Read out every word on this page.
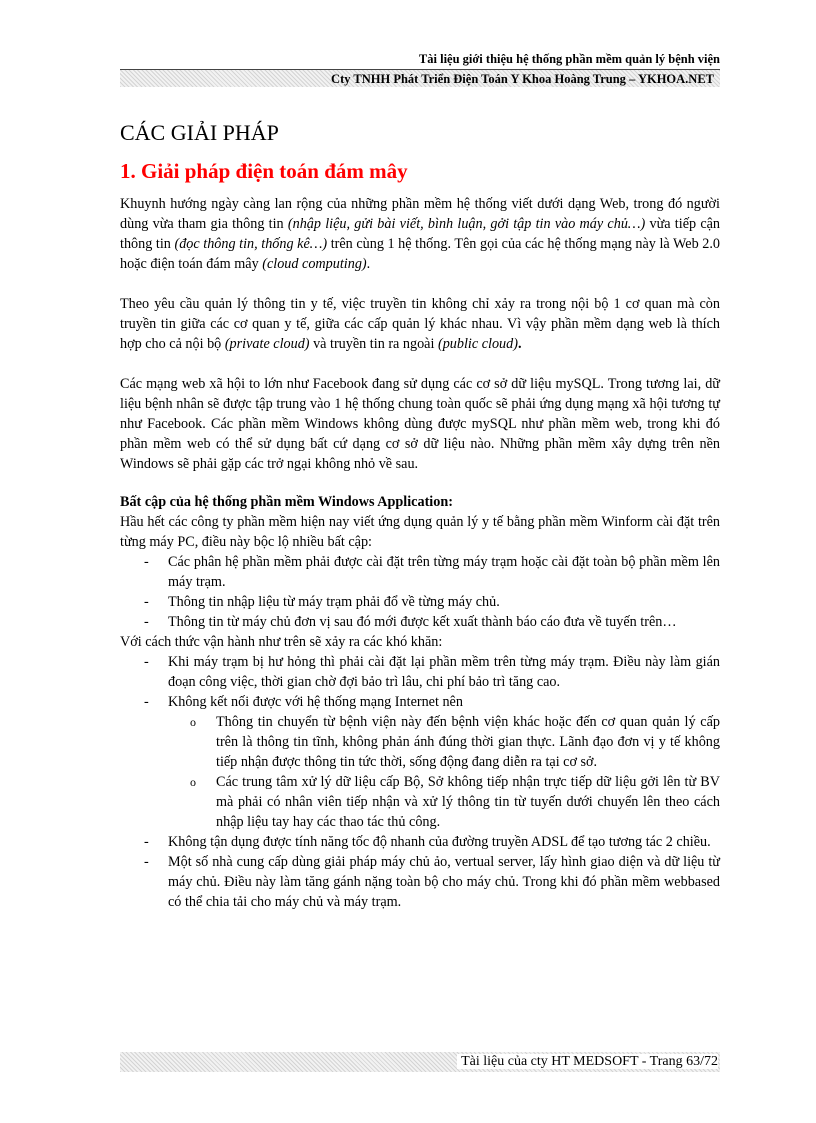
Tài liệu giới thiệu hệ thống phần mềm quản lý bệnh viện
Cty TNHH Phát Triển Điện Toán Y Khoa Hoàng Trung – YKHOA.NET
CÁC GIẢI PHÁP
1. Giải pháp điện toán đám mây

Khuynh hướng ngày càng lan rộng của những phần mềm hệ thống viết dưới dạng Web, trong đó người dùng vừa tham gia thông tin (nhập liệu, gửi bài viết, bình luận, gởi tập tin vào máy chủ…) vừa tiếp cận thông tin (đọc thông tin, thống kê…) trên cùng 1 hệ thống. Tên gọi của các hệ thống mạng này là Web 2.0 hoặc điện toán đám mây (cloud computing).

Theo yêu cầu quản lý thông tin y tế, việc truyền tin không chỉ xảy ra trong nội bộ 1 cơ quan mà còn truyền tin giữa các cơ quan y tế, giữa các cấp quản lý khác nhau. Vì vậy phần mềm dạng web là thích hợp cho cả nội bộ (private cloud) và truyền tin ra ngoài (public cloud).

Các mạng web xã hội to lớn như Facebook đang sử dụng các cơ sở dữ liệu mySQL. Trong tương lai, dữ liệu bệnh nhân sẽ được tập trung vào 1 hệ thống chung toàn quốc sẽ phải ứng dụng mạng xã hội tương tự như Facebook. Các phần mềm Windows không dùng được mySQL như phần mềm web, trong khi đó phần mềm web có thể sử dụng bất cứ dạng cơ sở dữ liệu nào. Những phần mềm xây dựng trên nền Windows sẽ phải gặp các trở ngại không nhỏ về sau.

Bất cập của hệ thống phần mềm Windows Application:

Hầu hết các công ty phần mềm hiện nay viết ứng dụng quản lý y tế bằng phần mềm Winform cài đặt trên từng máy PC, điều này bộc lộ nhiều bất cập:

- Các phân hệ phần mềm phải được cài đặt trên từng máy trạm hoặc cài đặt toàn bộ phần mềm lên máy trạm.
- Thông tin nhập liệu từ máy trạm phải đổ về từng máy chủ.
- Thông tin từ máy chủ đơn vị sau đó mới được kết xuất thành báo cáo đưa về tuyến trên…

Với cách thức vận hành như trên sẽ xảy ra các khó khăn:

- Khi máy trạm bị hư hỏng thì phải cài đặt lại phần mềm trên từng máy trạm. Điều này làm gián đoạn công việc, thời gian chờ đợi bảo trì lâu, chi phí bảo trì tăng cao.
- Không kết nối được với hệ thống mạng Internet nên
o Thông tin chuyển từ bệnh viện này đến bệnh viện khác hoặc đến cơ quan quản lý cấp trên là thông tin tĩnh, không phản ánh đúng thời gian thực. Lãnh đạo đơn vị y tế không tiếp nhận được thông tin tức thời, sống động đang diễn ra tại cơ sở.
o Các trung tâm xử lý dữ liệu cấp Bộ, Sở không tiếp nhận trực tiếp dữ liệu gởi lên từ BV mà phải có nhân viên tiếp nhận và xử lý thông tin từ tuyến dưới chuyển lên theo cách nhập liệu tay hay các thao tác thủ công.
- Không tận dụng được tính năng tốc độ nhanh của đường truyền ADSL để tạo tương tác 2 chiều.
- Một số nhà cung cấp dùng giải pháp máy chủ ảo, vertual server, lấy hình giao diện và dữ liệu từ máy chủ. Điều này làm tăng gánh nặng toàn bộ cho máy chủ. Trong khi đó phần mềm webbased có thể chia tải cho máy chủ và máy trạm.
Tài liệu của cty HT MEDSOFT - Trang 63/72
